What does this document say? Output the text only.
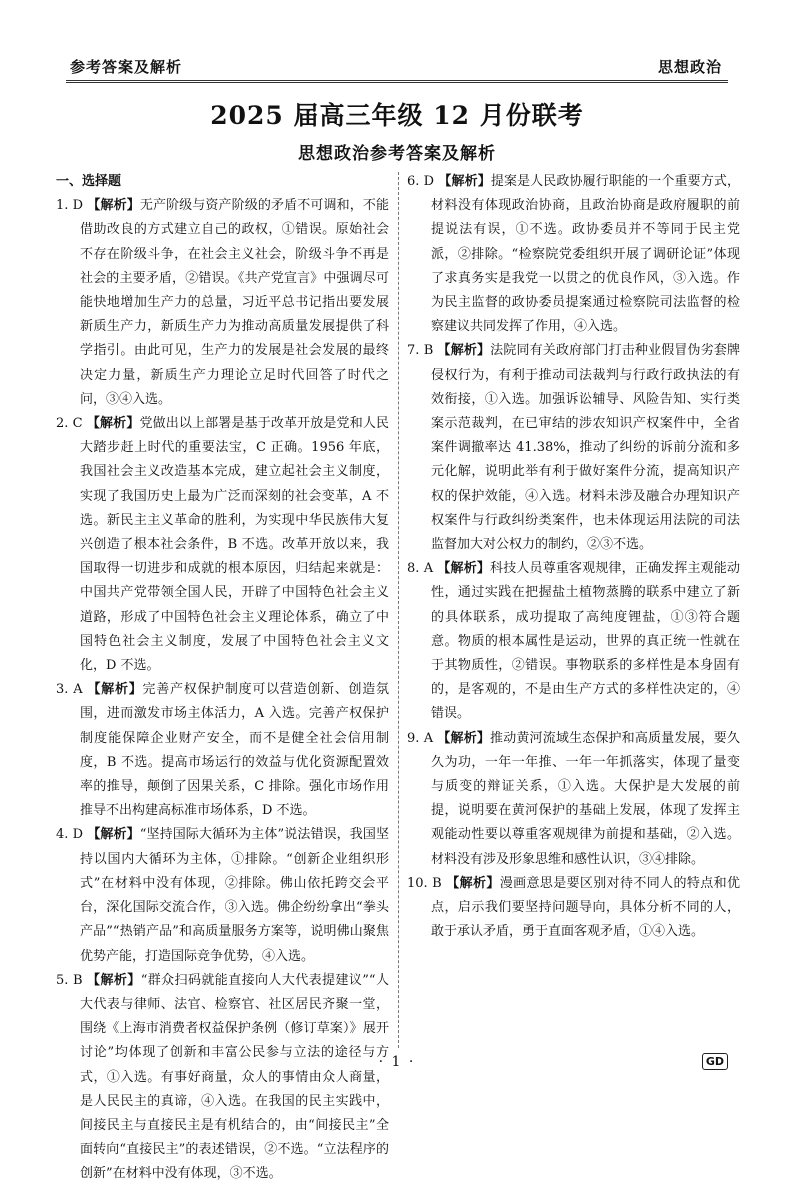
参考答案及解析	思想政治
2025 届高三年级 12 月份联考
思想政治参考答案及解析
一、选择题

1. D 【解析】无产阶级与资产阶级的矛盾不可调和，不能借助改良的方式建立自己的政权，①错误。原始社会不存在阶级斗争，在社会主义社会，阶级斗争不再是社会的主要矛盾，②错误。《共产党宣言》中强调尽可能快地增加生产力的总量，习近平总书记指出要发展新质生产力，新质生产力为推动高质量发展提供了科学指引。由此可见，生产力的发展是社会发展的最终决定力量，新质生产力理论立足时代回答了时代之问，③④入选。

2. C 【解析】党做出以上部署是基于改革开放是党和人民大踏步赶上时代的重要法宝，C 正确。1956 年底，我国社会主义改造基本完成，建立起社会主义制度，实现了我国历史上最为广泛而深刻的社会变革，A 不选。新民主主义革命的胜利，为实现中华民族伟大复兴创造了根本社会条件，B 不选。改革开放以来，我国取得一切进步和成就的根本原因，归结起来就是：中国共产党带领全国人民，开辟了中国特色社会主义道路，形成了中国特色社会主义理论体系，确立了中国特色社会主义制度，发展了中国特色社会主义文化，D 不选。

3. A 【解析】完善产权保护制度可以营造创新、创造氛围，进而激发市场主体活力，A 入选。完善产权保护制度能保障企业财产安全，而不是健全社会信用制度，B 不选。提高市场运行的效益与优化资源配置效率的推导，颠倒了因果关系，C 排除。强化市场作用推导不出构建高标准市场体系，D 不选。

4. D 【解析】“坚持国际大循环为主体”说法错误，我国坚持以国内大循环为主体，①排除。“创新企业组织形式”在材料中没有体现，②排除。佛山依托跨交会平台，深化国际交流合作，③入选。佛企纷纷拿出“拳头产品”“热销产品”和高质量服务方案等，说明佛山聚焦优势产能，打造国际竞争优势，④入选。

5. B 【解析】“群众扫码就能直接向人大代表提建议”“人大代表与律师、法官、检察官、社区居民齐聚一堂，围绕《上海市消费者权益保护条例（修订草案）》展开讨论”均体现了创新和丰富公民参与立法的途径与方式，①入选。有事好商量，众人的事情由众人商量，是人民民主的真谛，④入选。在我国的民主实践中，间接民主与直接民主是有机结合的，由“间接民主”全面转向“直接民主”的表述错误，②不选。“立法程序的创新”在材料中没有体现，③不选。

6. D 【解析】提案是人民政协履行职能的一个重要方式，材料没有体现政治协商，且政治协商是政府履职的前提说法有误，①不选。政协委员并不等同于民主党派，②排除。“检察院党委组织开展了调研论证”体现了求真务实是我党一以贯之的优良作风，③入选。作为民主监督的政协委员提案通过检察院司法监督的检察建议共同发挥了作用，④入选。

7. B 【解析】法院同有关政府部门打击种业假冒伪劣套牌侵权行为，有利于推动司法裁判与行政行政执法的有效衔接，①入选。加强诉讼辅导、风险告知、实行类案示范裁判，在已审结的涉农知识产权案件中，全省案件调撤率达 41.38%，推动了纠纷的诉前分流和多元化解，说明此举有利于做好案件分流，提高知识产权的保护效能，④入选。材料未涉及融合办理知识产权案件与行政纠纷类案件，也未体现运用法院的司法监督加大对公权力的制约，②③不选。

8. A 【解析】科技人员尊重客观规律，正确发挥主观能动性，通过实践在把握盐土植物蒸腾的联系中建立了新的具体联系，成功提取了高纯度锂盐，①③符合题意。物质的根本属性是运动，世界的真正统一性就在于其物质性，②错误。事物联系的多样性是本身固有的，是客观的，不是由生产方式的多样性决定的，④错误。

9. A 【解析】推动黄河流域生态保护和高质量发展，要久久为功，一年一年推、一年一年抓落实，体现了量变与质变的辩证关系，①入选。大保护是大发展的前提，说明要在黄河保护的基础上发展，体现了发挥主观能动性要以尊重客观规律为前提和基础，②入选。材料没有涉及形象思维和感性认识，③④排除。

10. B 【解析】漫画意思是要区别对待不同人的特点和优点，启示我们要坚持问题导向，具体分析不同的人，敢于承认矛盾，勇于直面客观矛盾，①④入选。

· 1 ·	GD
